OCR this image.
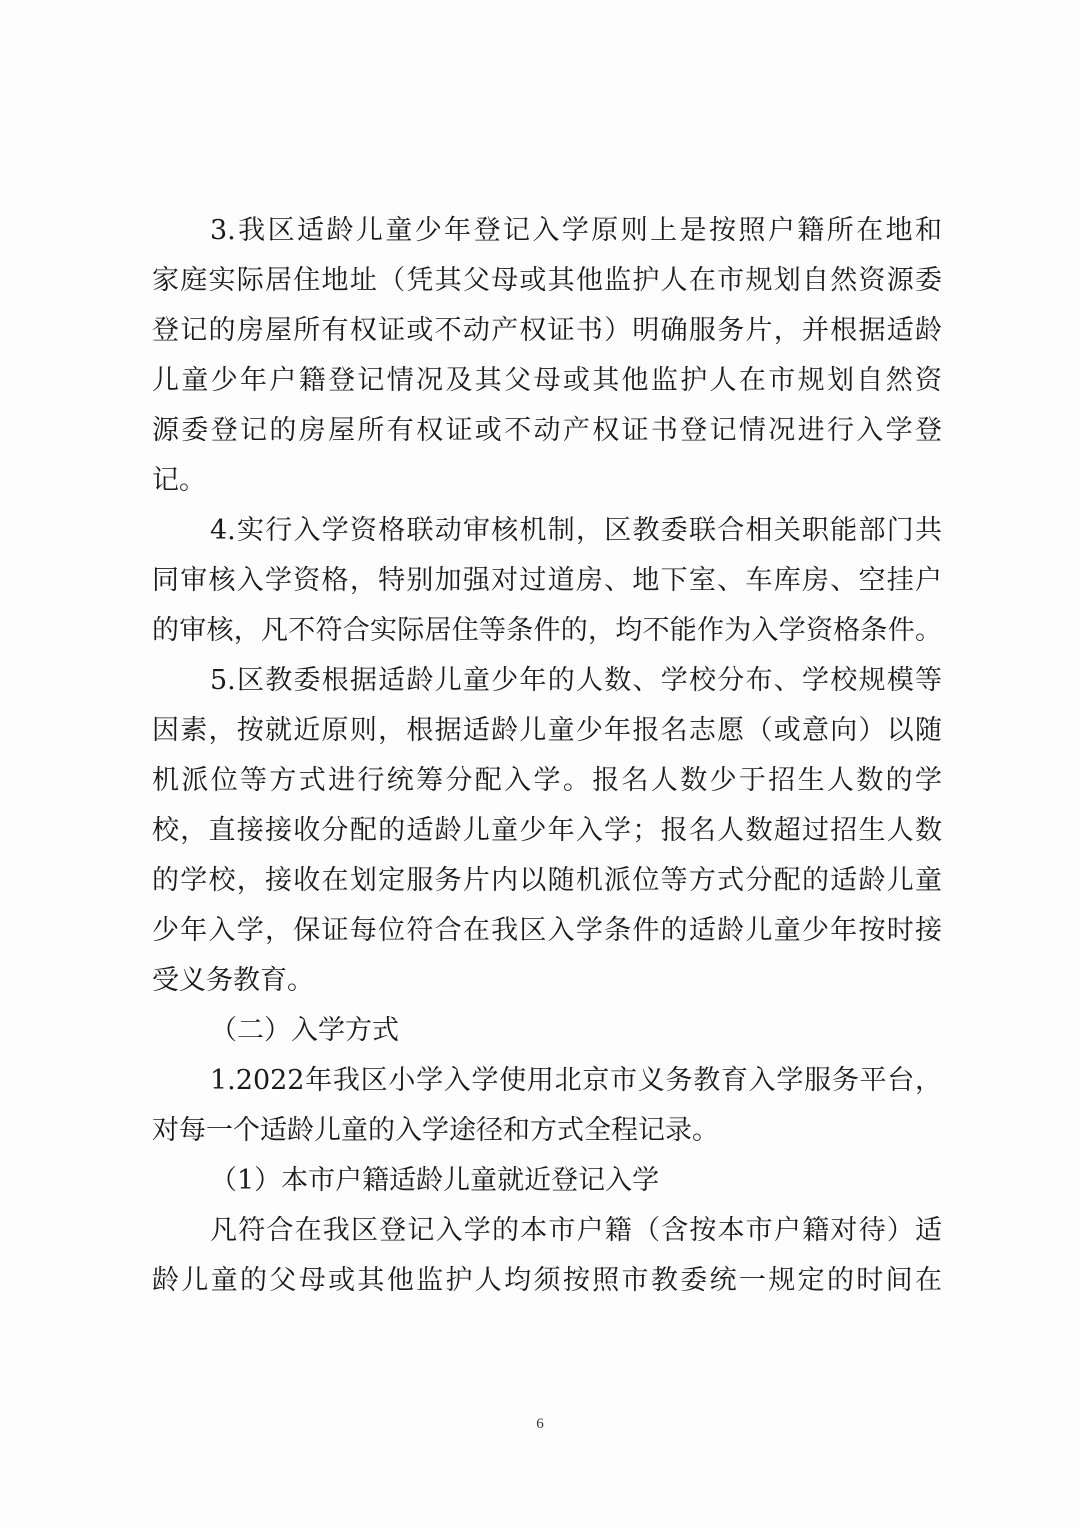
3.我区适龄儿童少年登记入学原则上是按照户籍所在地和
家庭实际居住地址（凭其父母或其他监护人在市规划自然资源委
登记的房屋所有权证或不动产权证书）明确服务片，并根据适龄
儿童少年户籍登记情况及其父母或其他监护人在市规划自然资
源委登记的房屋所有权证或不动产权证书登记情况进行入学登
记。
4.实行入学资格联动审核机制，区教委联合相关职能部门共
同审核入学资格，特别加强对过道房、地下室、车库房、空挂户
的审核，凡不符合实际居住等条件的，均不能作为入学资格条件。
5.区教委根据适龄儿童少年的人数、学校分布、学校规模等
因素，按就近原则，根据适龄儿童少年报名志愿（或意向）以随
机派位等方式进行统筹分配入学。报名人数少于招生人数的学
校，直接接收分配的适龄儿童少年入学；报名人数超过招生人数
的学校，接收在划定服务片内以随机派位等方式分配的适龄儿童
少年入学，保证每位符合在我区入学条件的适龄儿童少年按时接
受义务教育。
（二）入学方式
1.2022年我区小学入学使用北京市义务教育入学服务平台，
对每一个适龄儿童的入学途径和方式全程记录。
（1）本市户籍适龄儿童就近登记入学
凡符合在我区登记入学的本市户籍（含按本市户籍对待）适
龄儿童的父母或其他监护人均须按照市教委统一规定的时间在
6
